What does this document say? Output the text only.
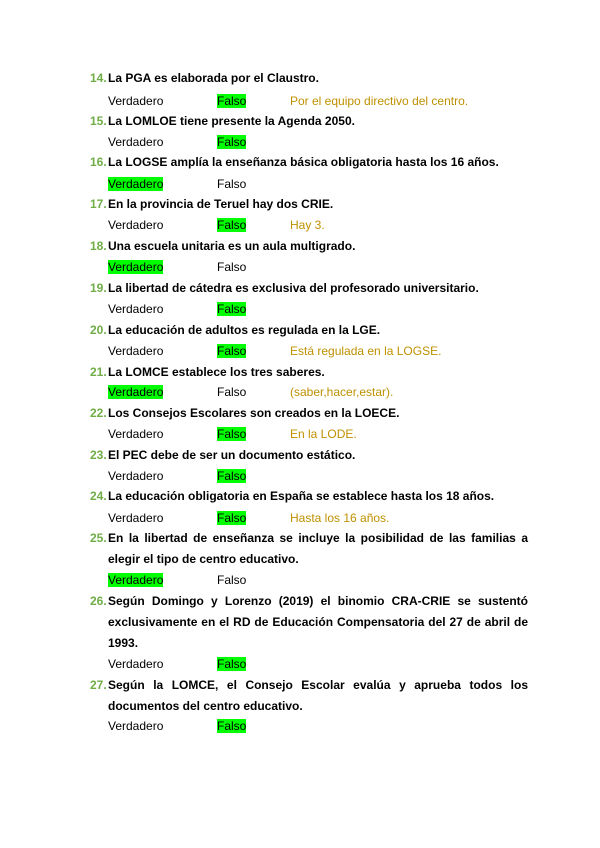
14. La PGA es elaborada por el Claustro.
Verdadero	Falso	Por el equipo directivo del centro.
15. La LOMLOE tiene presente la Agenda 2050.
Verdadero	Falso
16. La LOGSE amplía la enseñanza básica obligatoria hasta los 16 años.
Verdadero	Falso
17. En la provincia de Teruel hay dos CRIE.
Verdadero	Falso	Hay 3.
18. Una escuela unitaria es un aula multigrado.
Verdadero	Falso
19. La libertad de cátedra es exclusiva del profesorado universitario.
Verdadero	Falso
20. La educación de adultos es regulada en la LGE.
Verdadero	Falso	Está regulada en la LOGSE.
21. La LOMCE establece los tres saberes.
Verdadero	Falso	(saber,hacer,estar).
22. Los Consejos Escolares son creados en la LOECE.
Verdadero	Falso	En la LODE.
23. El PEC debe de ser un documento estático.
Verdadero	Falso
24. La educación obligatoria en España se establece hasta los 18 años.
Verdadero	Falso	Hasta los 16 años.
25. En la libertad de enseñanza se incluye la posibilidad de las familias a elegir el tipo de centro educativo.
Verdadero	Falso
26. Según Domingo y Lorenzo (2019) el binomio CRA-CRIE se sustentó exclusivamente en el RD de Educación Compensatoria del 27 de abril de 1993.
Verdadero	Falso
27. Según la LOMCE, el Consejo Escolar evalúa y aprueba todos los documentos del centro educativo.
Verdadero	Falso
